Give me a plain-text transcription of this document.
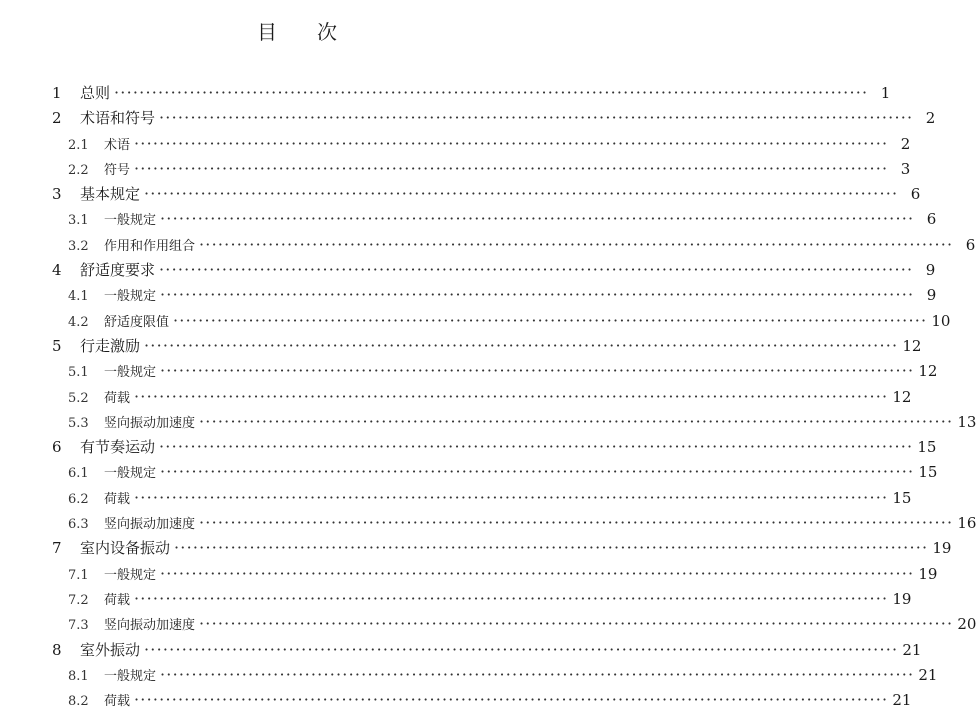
目次
1	总则 ························································································································ 1
2	术语和符号 ························································································································ 2
2.1	术语 ························································································································ 2
2.2	符号 ························································································································ 3
3	基本规定 ························································································································ 6
3.1	一般规定 ························································································································ 6
3.2	作用和作用组合 ························································································································ 6
4	舒适度要求 ························································································································ 9
4.1	一般规定 ························································································································ 9
4.2	舒适度限值 ························································································································ 10
5	行走激励 ························································································································ 12
5.1	一般规定 ························································································································ 12
5.2	荷载 ························································································································ 12
5.3	竖向振动加速度 ························································································································ 13
6	有节奏运动 ························································································································ 15
6.1	一般规定 ························································································································ 15
6.2	荷载 ························································································································ 15
6.3	竖向振动加速度 ························································································································ 16
7	室内设备振动 ························································································································ 19
7.1	一般规定 ························································································································ 19
7.2	荷载 ························································································································ 19
7.3	竖向振动加速度 ························································································································ 20
8	室外振动 ························································································································ 21
8.1	一般规定 ························································································································ 21
8.2	荷载 ························································································································ 21
